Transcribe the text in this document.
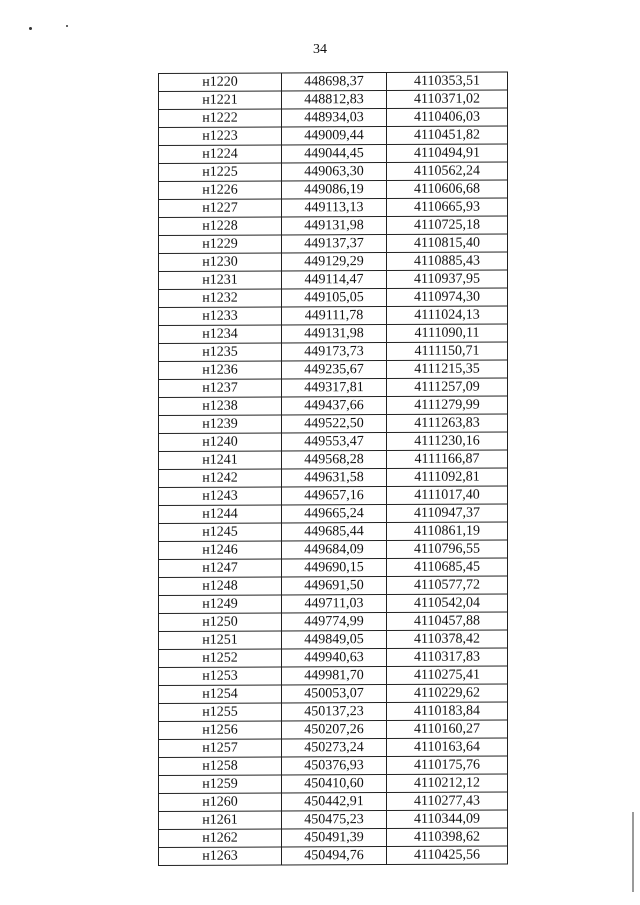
34
н1220	448698,37	4110353,51
н1221	448812,83	4110371,02
н1222	448934,03	4110406,03
н1223	449009,44	4110451,82
н1224	449044,45	4110494,91
н1225	449063,30	4110562,24
н1226	449086,19	4110606,68
н1227	449113,13	4110665,93
н1228	449131,98	4110725,18
н1229	449137,37	4110815,40
н1230	449129,29	4110885,43
н1231	449114,47	4110937,95
н1232	449105,05	4110974,30
н1233	449111,78	4111024,13
н1234	449131,98	4111090,11
н1235	449173,73	4111150,71
н1236	449235,67	4111215,35
н1237	449317,81	4111257,09
н1238	449437,66	4111279,99
н1239	449522,50	4111263,83
н1240	449553,47	4111230,16
н1241	449568,28	4111166,87
н1242	449631,58	4111092,81
н1243	449657,16	4111017,40
н1244	449665,24	4110947,37
н1245	449685,44	4110861,19
н1246	449684,09	4110796,55
н1247	449690,15	4110685,45
н1248	449691,50	4110577,72
н1249	449711,03	4110542,04
н1250	449774,99	4110457,88
н1251	449849,05	4110378,42
н1252	449940,63	4110317,83
н1253	449981,70	4110275,41
н1254	450053,07	4110229,62
н1255	450137,23	4110183,84
н1256	450207,26	4110160,27
н1257	450273,24	4110163,64
н1258	450376,93	4110175,76
н1259	450410,60	4110212,12
н1260	450442,91	4110277,43
н1261	450475,23	4110344,09
н1262	450491,39	4110398,62
н1263	450494,76	4110425,56
